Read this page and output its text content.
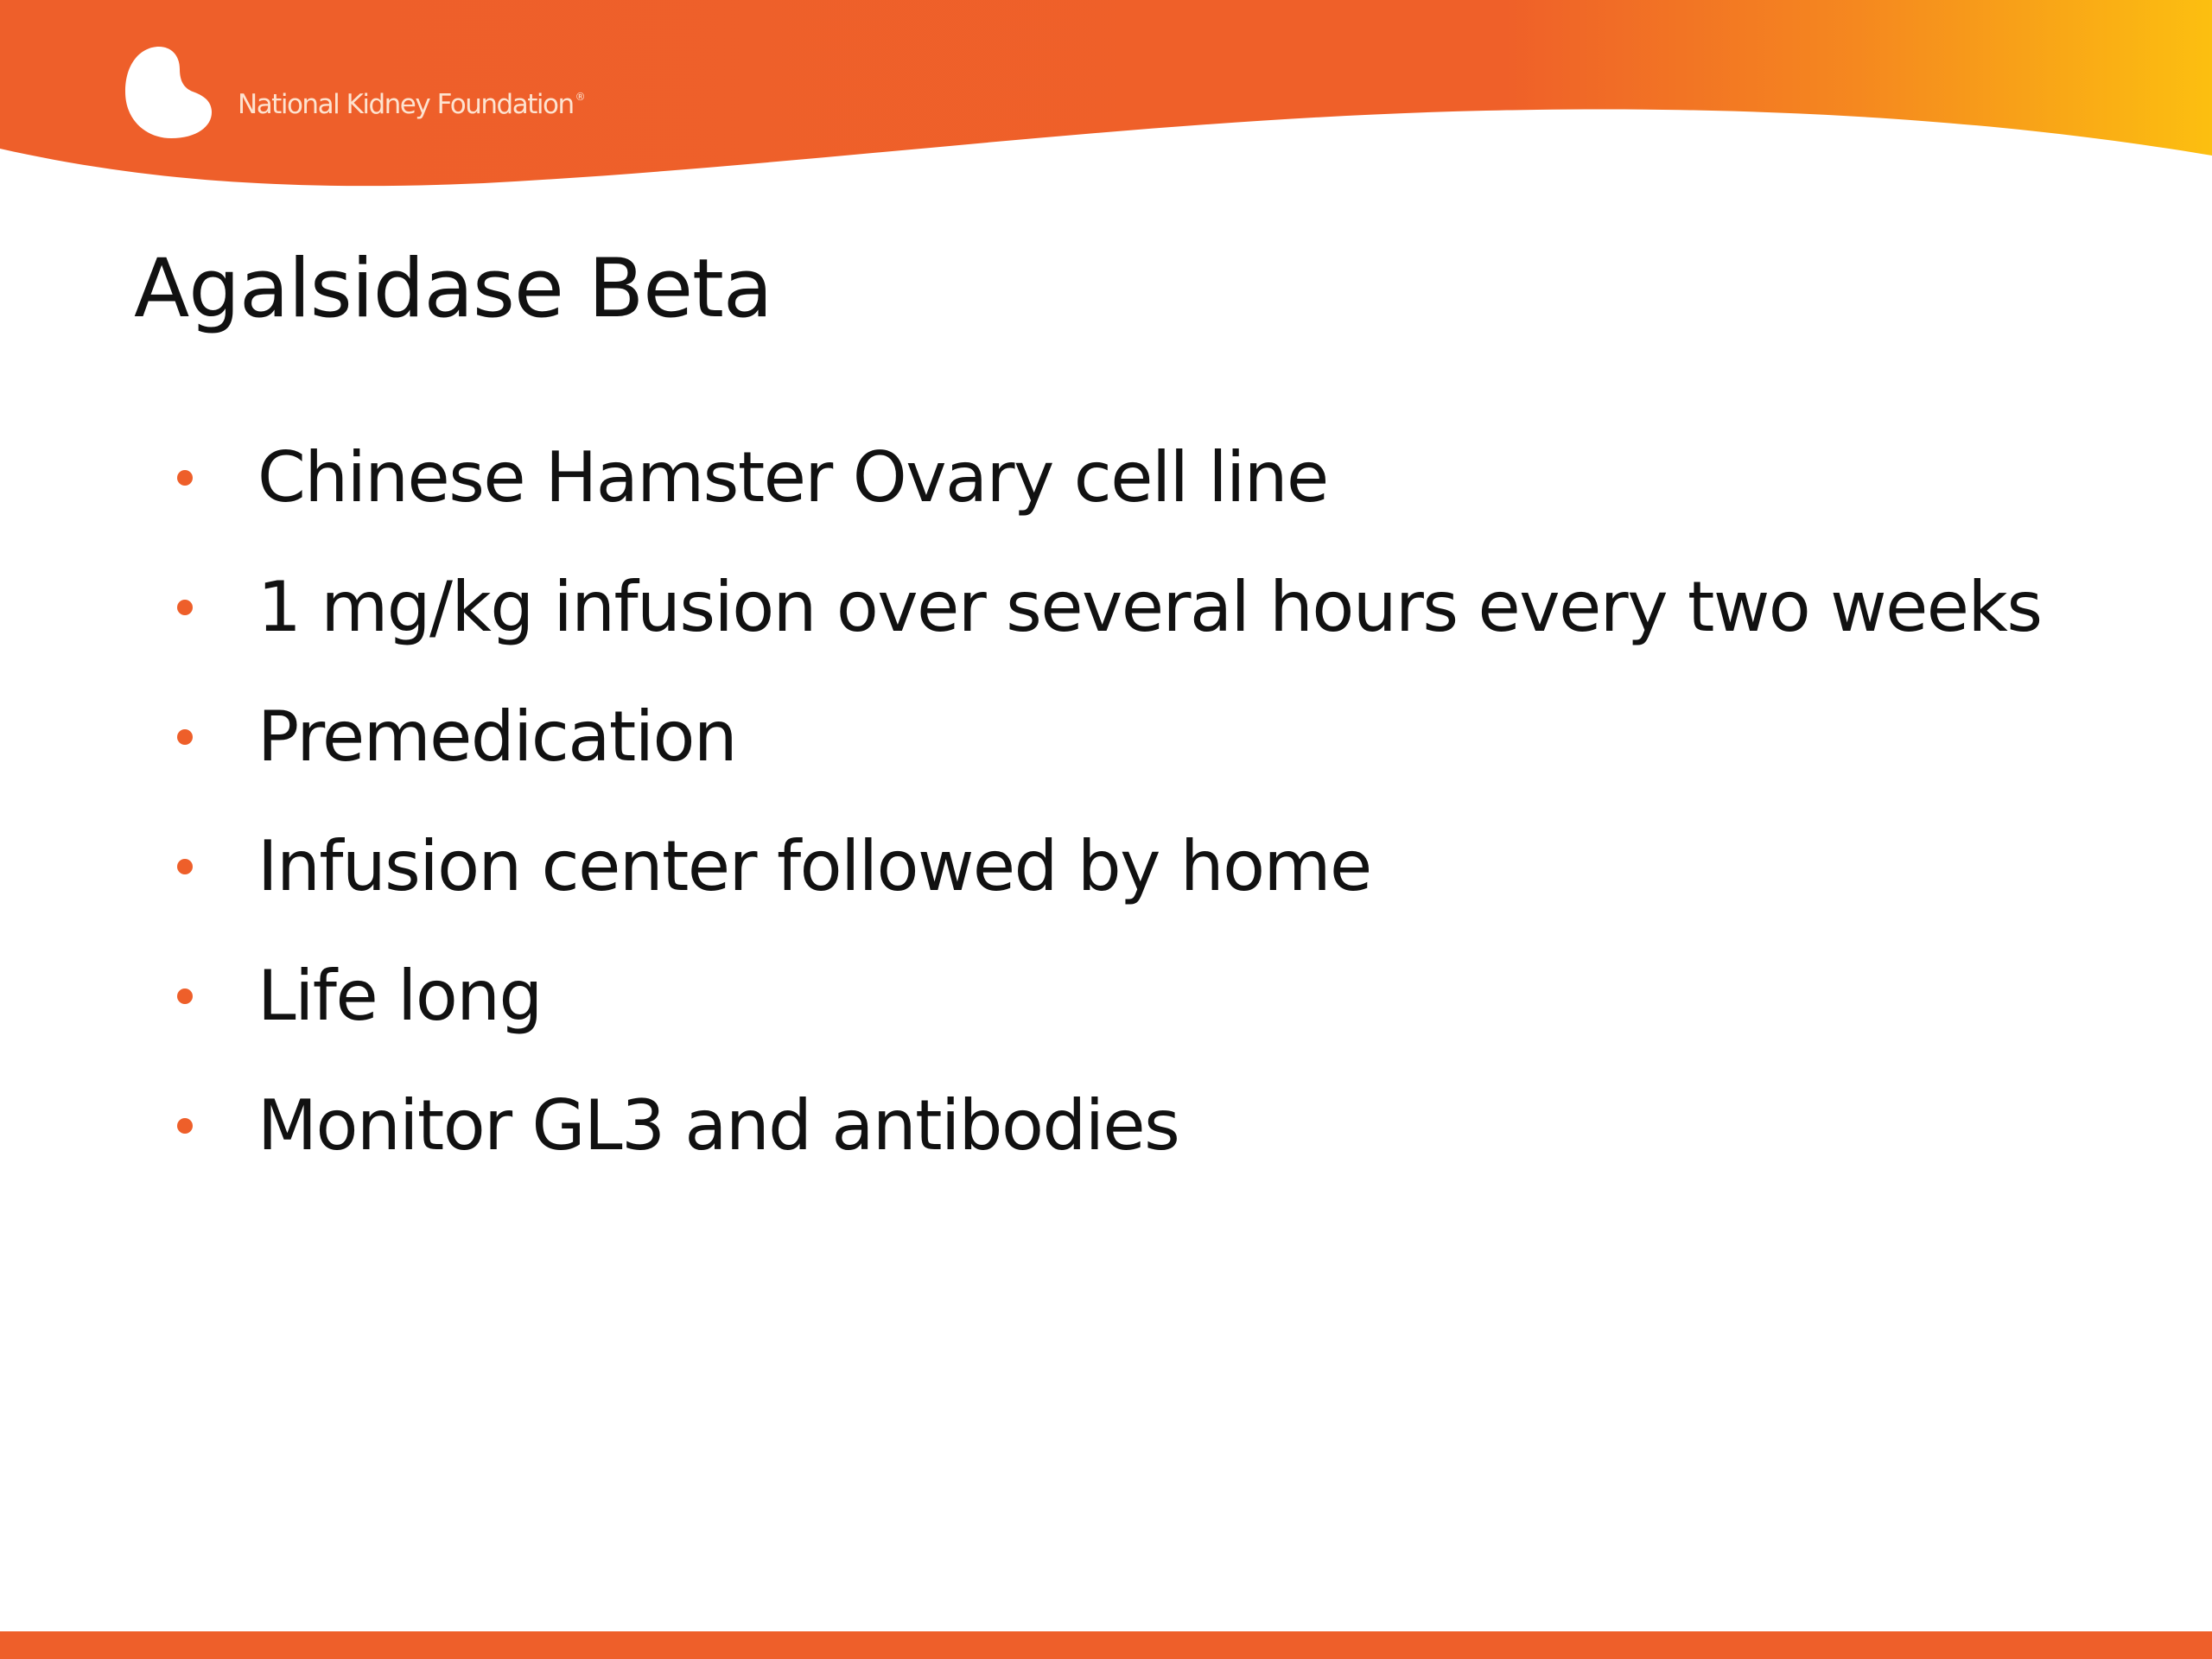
National Kidney Foundation ®
Agalsidase Beta
Chinese Hamster Ovary cell line
1 mg/kg infusion over several hours every two weeks
Premedication
Infusion center followed by home
Life long
Monitor GL3 and antibodies
